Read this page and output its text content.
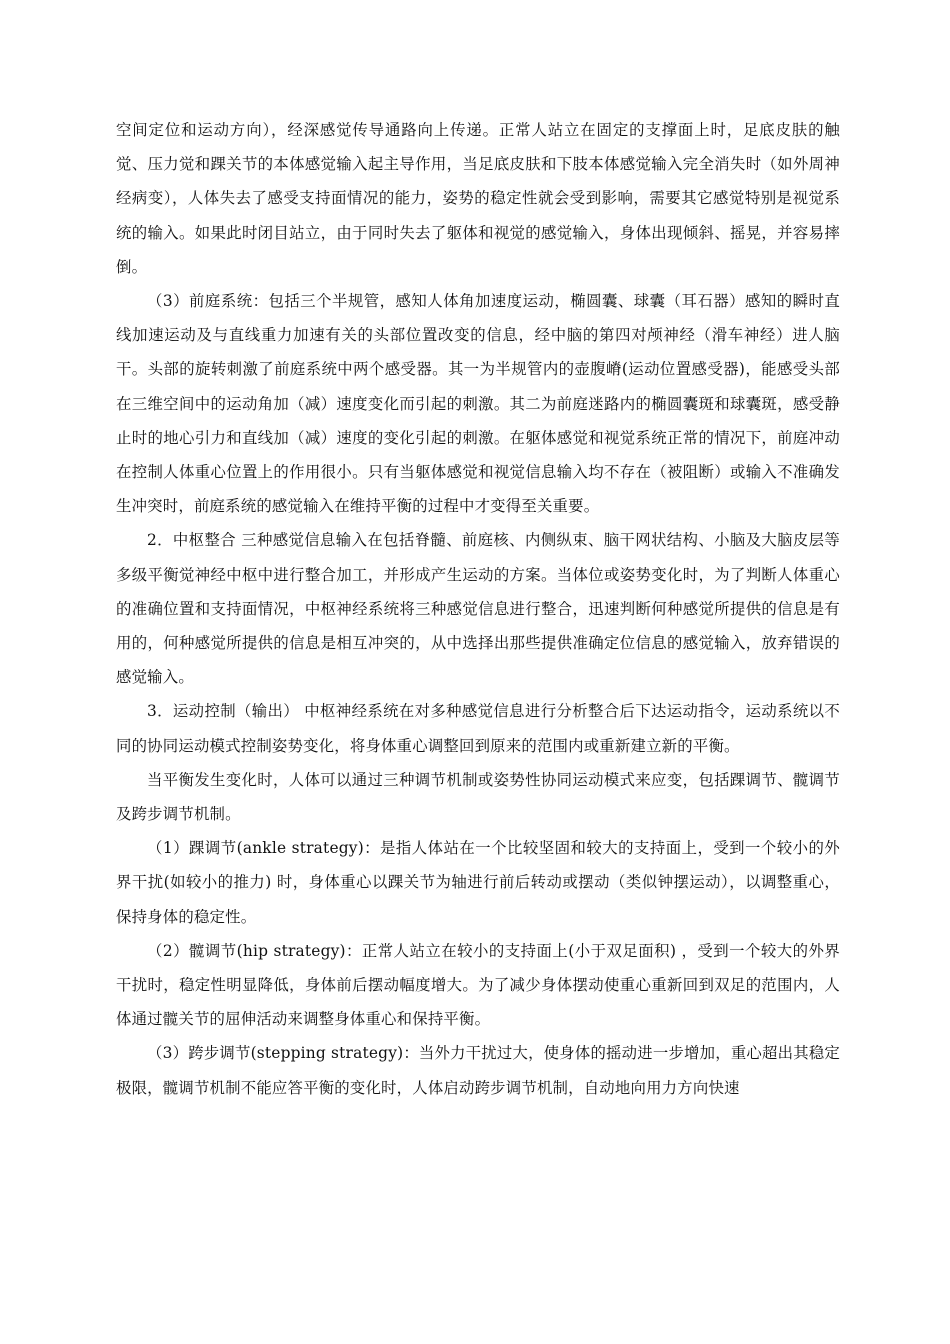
空间定位和运动方向），经深感觉传导通路向上传递。正常人站立在固定的支撑面上时，足底皮肤的触觉、压力觉和踝关节的本体感觉输入起主导作用，当足底皮肤和下肢本体感觉输入完全消失时（如外周神经病变），人体失去了感受支持面情况的能力，姿势的稳定性就会受到影响，需要其它感觉特别是视觉系统的输入。如果此时闭目站立，由于同时失去了躯体和视觉的感觉输入，身体出现倾斜、摇晃，并容易摔倒。

（3）前庭系统：包括三个半规管，感知人体角加速度运动，椭圆囊、球囊（耳石器）感知的瞬时直线加速运动及与直线重力加速有关的头部位置改变的信息，经中脑的第四对颅神经（滑车神经）进人脑干。头部的旋转刺激了前庭系统中两个感受器。其一为半规管内的壶腹嵴(运动位置感受器)，能感受头部在三维空间中的运动角加（减）速度变化而引起的刺激。其二为前庭迷路内的椭圆囊斑和球囊斑，感受静止时的地心引力和直线加（减）速度的变化引起的刺激。在躯体感觉和视觉系统正常的情况下，前庭冲动在控制人体重心位置上的作用很小。只有当躯体感觉和视觉信息输入均不存在（被阻断）或输入不准确发生冲突时，前庭系统的感觉输入在维持平衡的过程中才变得至关重要。

2．中枢整合 三种感觉信息输入在包括脊髓、前庭核、内侧纵束、脑干网状结构、小脑及大脑皮层等多级平衡觉神经中枢中进行整合加工，并形成产生运动的方案。当体位或姿势变化时，为了判断人体重心的准确位置和支持面情况，中枢神经系统将三种感觉信息进行整合，迅速判断何种感觉所提供的信息是有用的，何种感觉所提供的信息是相互冲突的，从中选择出那些提供准确定位信息的感觉输入，放弃错误的感觉输入。

3．运动控制（输出） 中枢神经系统在对多种感觉信息进行分析整合后下达运动指令，运动系统以不同的协同运动模式控制姿势变化，将身体重心调整回到原来的范围内或重新建立新的平衡。

当平衡发生变化时，人体可以通过三种调节机制或姿势性协同运动模式来应变，包括踝调节、髋调节及跨步调节机制。

（1）踝调节(ankle strategy)：是指人体站在一个比较坚固和较大的支持面上，受到一个较小的外界干扰(如较小的推力) 时，身体重心以踝关节为轴进行前后转动或摆动（类似钟摆运动），以调整重心，保持身体的稳定性。

（2）髋调节(hip strategy)：正常人站立在较小的支持面上(小于双足面积) ，受到一个较大的外界干扰时，稳定性明显降低，身体前后摆动幅度增大。为了减少身体摆动使重心重新回到双足的范围内，人体通过髋关节的屈伸活动来调整身体重心和保持平衡。

（3）跨步调节(stepping strategy)：当外力干扰过大，使身体的摇动进一步增加，重心超出其稳定极限，髋调节机制不能应答平衡的变化时，人体启动跨步调节机制，自动地向用力方向快速
